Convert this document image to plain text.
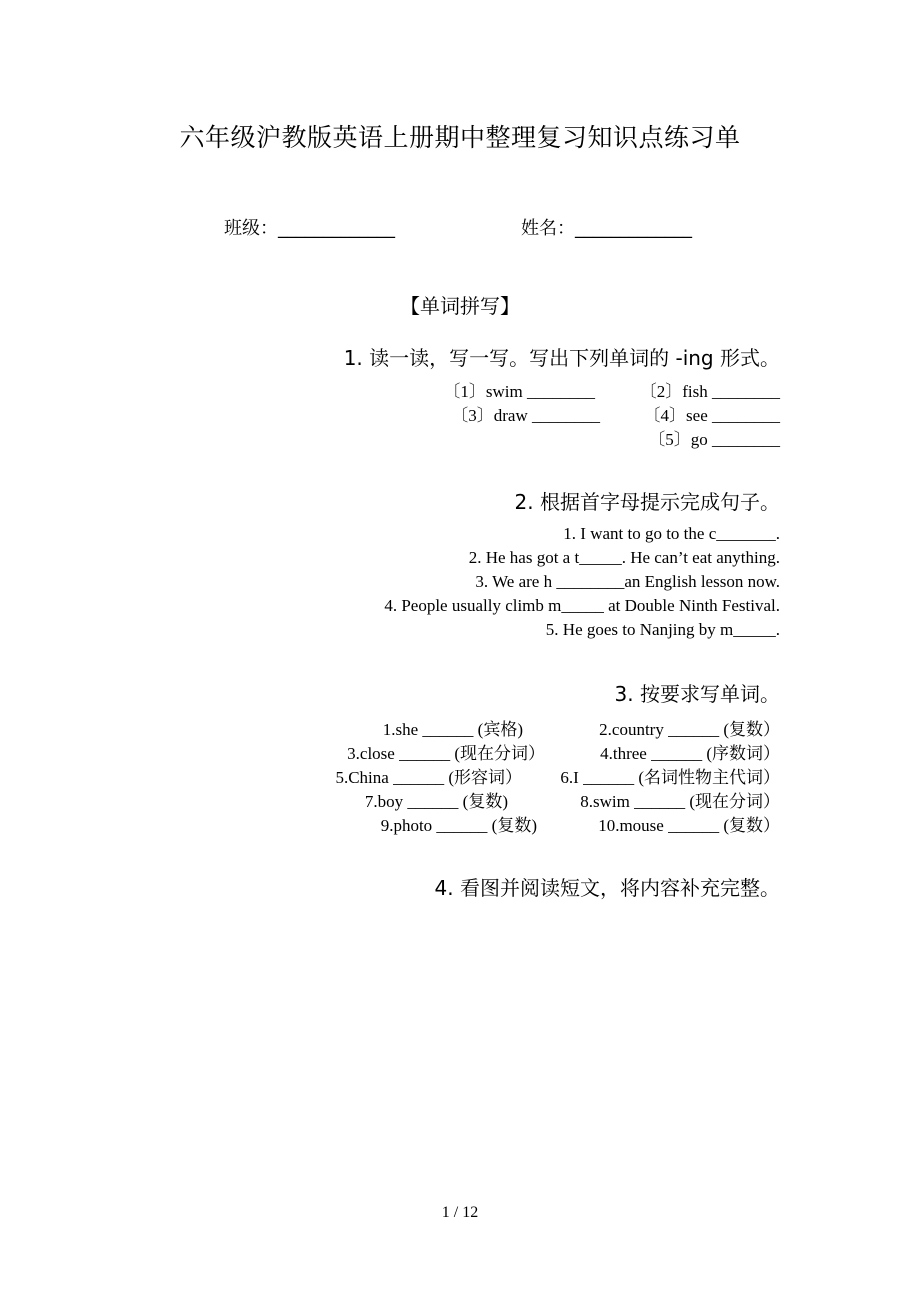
六年级沪教版英语上册期中整理复习知识点练习单
班级：_____________	姓名：_____________
【单词拼写】
1. 读一读，写一写。写出下列单词的 -ing 形式。
〔1〕swim ________	〔2〕fish ________
〔3〕draw ________	〔4〕see ________
〔5〕go ________
2. 根据首字母提示完成句子。
1. I want to go to the c_______.
2. He has got a t_____. He can’t eat anything.
3. We are h ________an English lesson now.
4. People usually climb m_____ at Double Ninth Festival.
5. He goes to Nanjing by m_____.
3. 按要求写单词。
1.she ______ (宾格)	2.country ______ (复数）
3.close ______ (现在分词）	4.three ______ (序数词）
5.China ______ (形容词） 6.I ______ (名词性物主代词）
7.boy ______ (复数)	8.swim ______ (现在分词）
9.photo ______ (复数)	10.mouse ______ (复数）
4. 看图并阅读短文，将内容补充完整。
1 / 12
